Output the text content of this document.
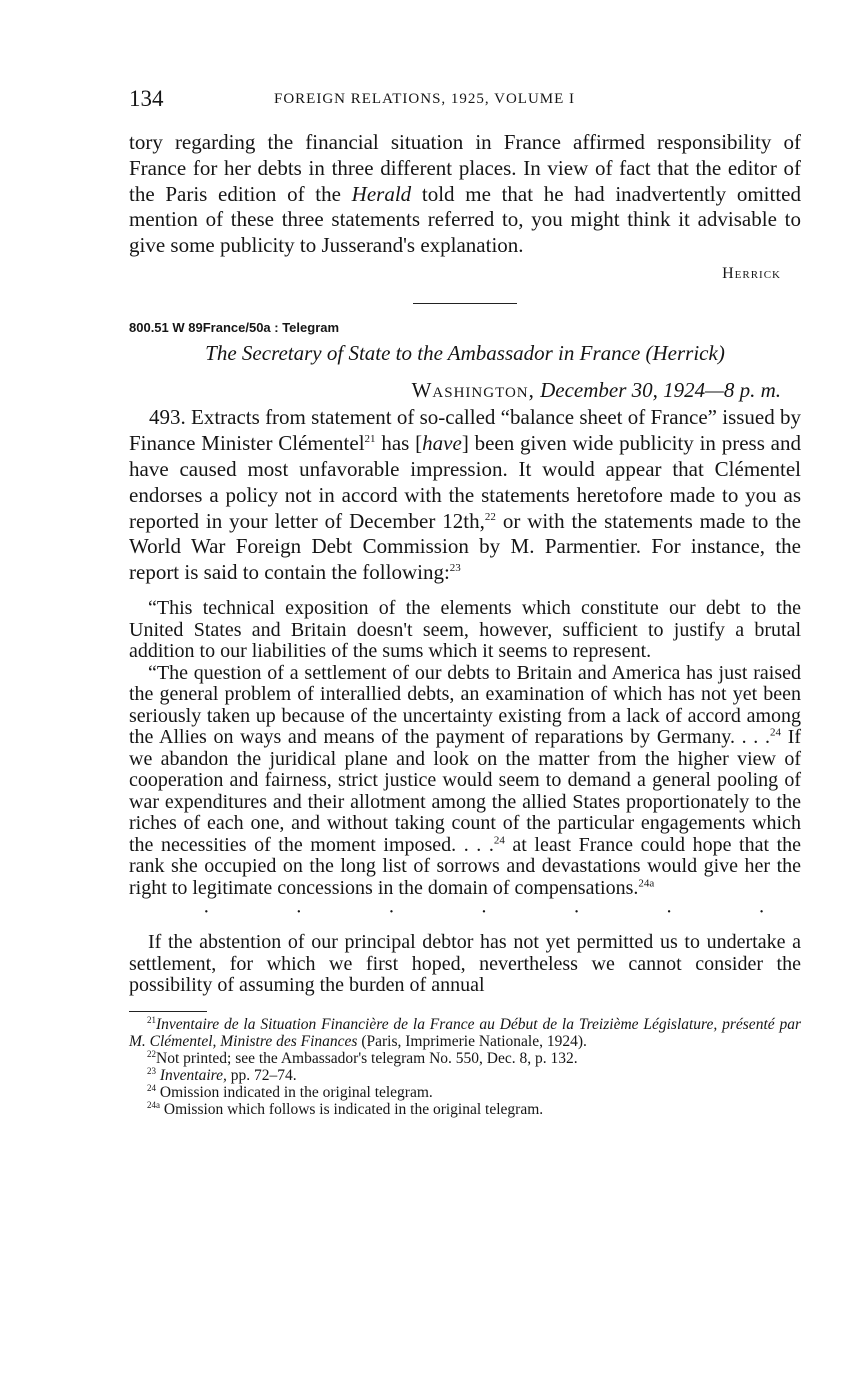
134	FOREIGN RELATIONS, 1925, VOLUME I

tory regarding the financial situation in France affirmed responsibility of France for her debts in three different places. In view of fact that the editor of the Paris edition of the Herald told me that he had inadvertently omitted mention of these three statements referred to, you might think it advisable to give some publicity to Jusserand's explanation.

Herrick
800.51 W 89France/50a : Telegram
The Secretary of State to the Ambassador in France (Herrick)
Washington, December 30, 1924—8 p. m.

493. Extracts from statement of so-called “balance sheet of France” issued by Finance Minister Clémentel$^{21}$ has [have] been given wide publicity in press and have caused most unfavorable impression. It would appear that Clémentel endorses a policy not in accord with the statements heretofore made to you as reported in your letter of December 12th,$^{22}$ or with the statements made to the World War Foreign Debt Commission by M. Parmentier. For instance, the report is said to contain the following:$^{23}$

“This technical exposition of the elements which constitute our debt to the United States and Britain doesn't seem, however, sufficient to justify a brutal addition to our liabilities of the sums which it seems to represent.

“The question of a settlement of our debts to Britain and America has just raised the general problem of interallied debts, an examination of which has not yet been seriously taken up because of the uncertainty existing from a lack of accord among the Allies on ways and means of the payment of reparations by Germany. . . .$^{24}$ If we abandon the juridical plane and look on the matter from the higher view of cooperation and fairness, strict justice would seem to demand a general pooling of war expenditures and their allotment among the allied States proportionately to the riches of each one, and without taking count of the particular engagements which the necessities of the moment imposed. . . .$^{24}$ at least France could hope that the rank she occupied on the long list of sorrows and devastations would give her the right to legitimate concessions in the domain of compensations.$^{24a}$

·	·	·	·	·	·	·

If the abstention of our principal debtor has not yet permitted us to undertake a settlement, for which we first hoped, nevertheless we cannot consider the possibility of assuming the burden of annual

$^{21}$Inventaire de la Situation Financière de la France au Début de la Treizième Législature, présenté par M. Clémentel, Ministre des Finances (Paris, Imprimerie Nationale, 1924).

$^{22}$Not printed; see the Ambassador's telegram No. 550, Dec. 8, p. 132.

$^{23}$ Inventaire, pp. 72–74.

$^{24}$ Omission indicated in the original telegram.

$^{24a}$ Omission which follows is indicated in the original telegram.
